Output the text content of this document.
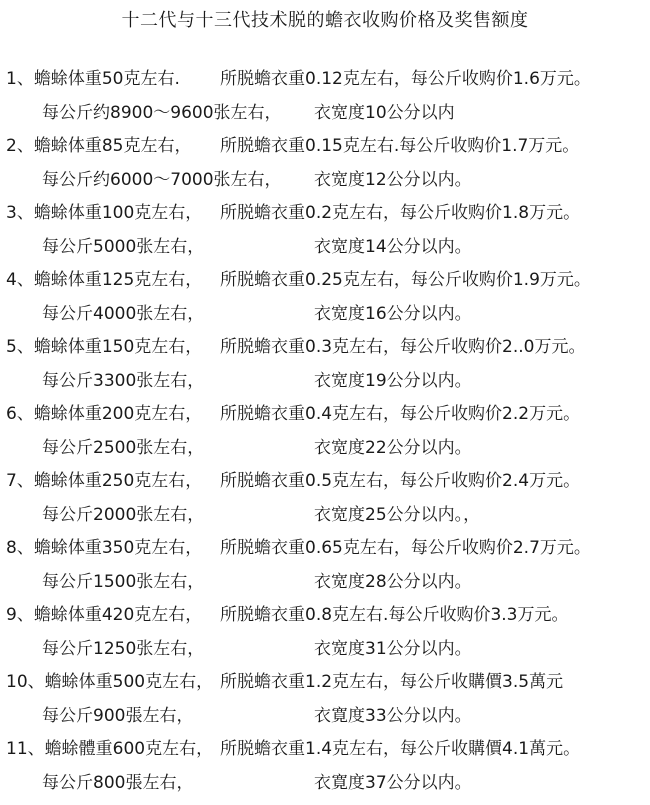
十二代与十三代技术脱的蟾衣收购价格及奖售额度
1、蟾蜍体重50克左右. 所脱蟾衣重0.12克左右，每公斤收购价1.6万元。
每公斤约8900～9600张左右， 衣宽度10公分以内
2、蟾蜍体重85克左右， 所脱蟾衣重0.15克左右.每公斤收购价1.7万元。
每公斤约6000～7000张左右， 衣宽度12公分以内。
3、蟾蜍体重100克左右， 所脱蟾衣重0.2克左右，每公斤收购价1.8万元。
每公斤5000张左右，	衣宽度14公分以内。
4、蟾蜍体重125克左右， 所脱蟾衣重0.25克左右，每公斤收购价1.9万元。
每公斤4000张左右，	衣宽度16公分以内。
5、蟾蜍体重150克左右， 所脱蟾衣重0.3克左右，每公斤收购价2..0万元。
每公斤3300张左右，	衣宽度19公分以内。
6、蟾蜍体重200克左右， 所脱蟾衣重0.4克左右，每公斤收购价2.2万元。
每公斤2500张左右，	衣宽度22公分以内。
7、蟾蜍体重250克左右， 所脱蟾衣重0.5克左右，每公斤收购价2.4万元。
每公斤2000张左右，	衣宽度25公分以内。，
8、蟾蜍体重350克左右， 所脱蟾衣重0.65克左右，每公斤收购价2.7万元。
每公斤1500张左右，	衣宽度28公分以内。
9、蟾蜍体重420克左右， 所脱蟾衣重0.8克左右.每公斤收购价3.3万元。
每公斤1250张左右，	衣宽度31公分以内。
10、蟾蜍体重500克左右， 所脱蟾衣重1.2克左右，每公斤收購價3.5萬元
每公斤900張左右，	衣寛度33公分以内。
11、蟾蜍體重600克左右， 所脱蟾衣重1.4克左右，每公斤收購價4.1萬元。
每公斤800張左右，	衣寛度37公分以内。
